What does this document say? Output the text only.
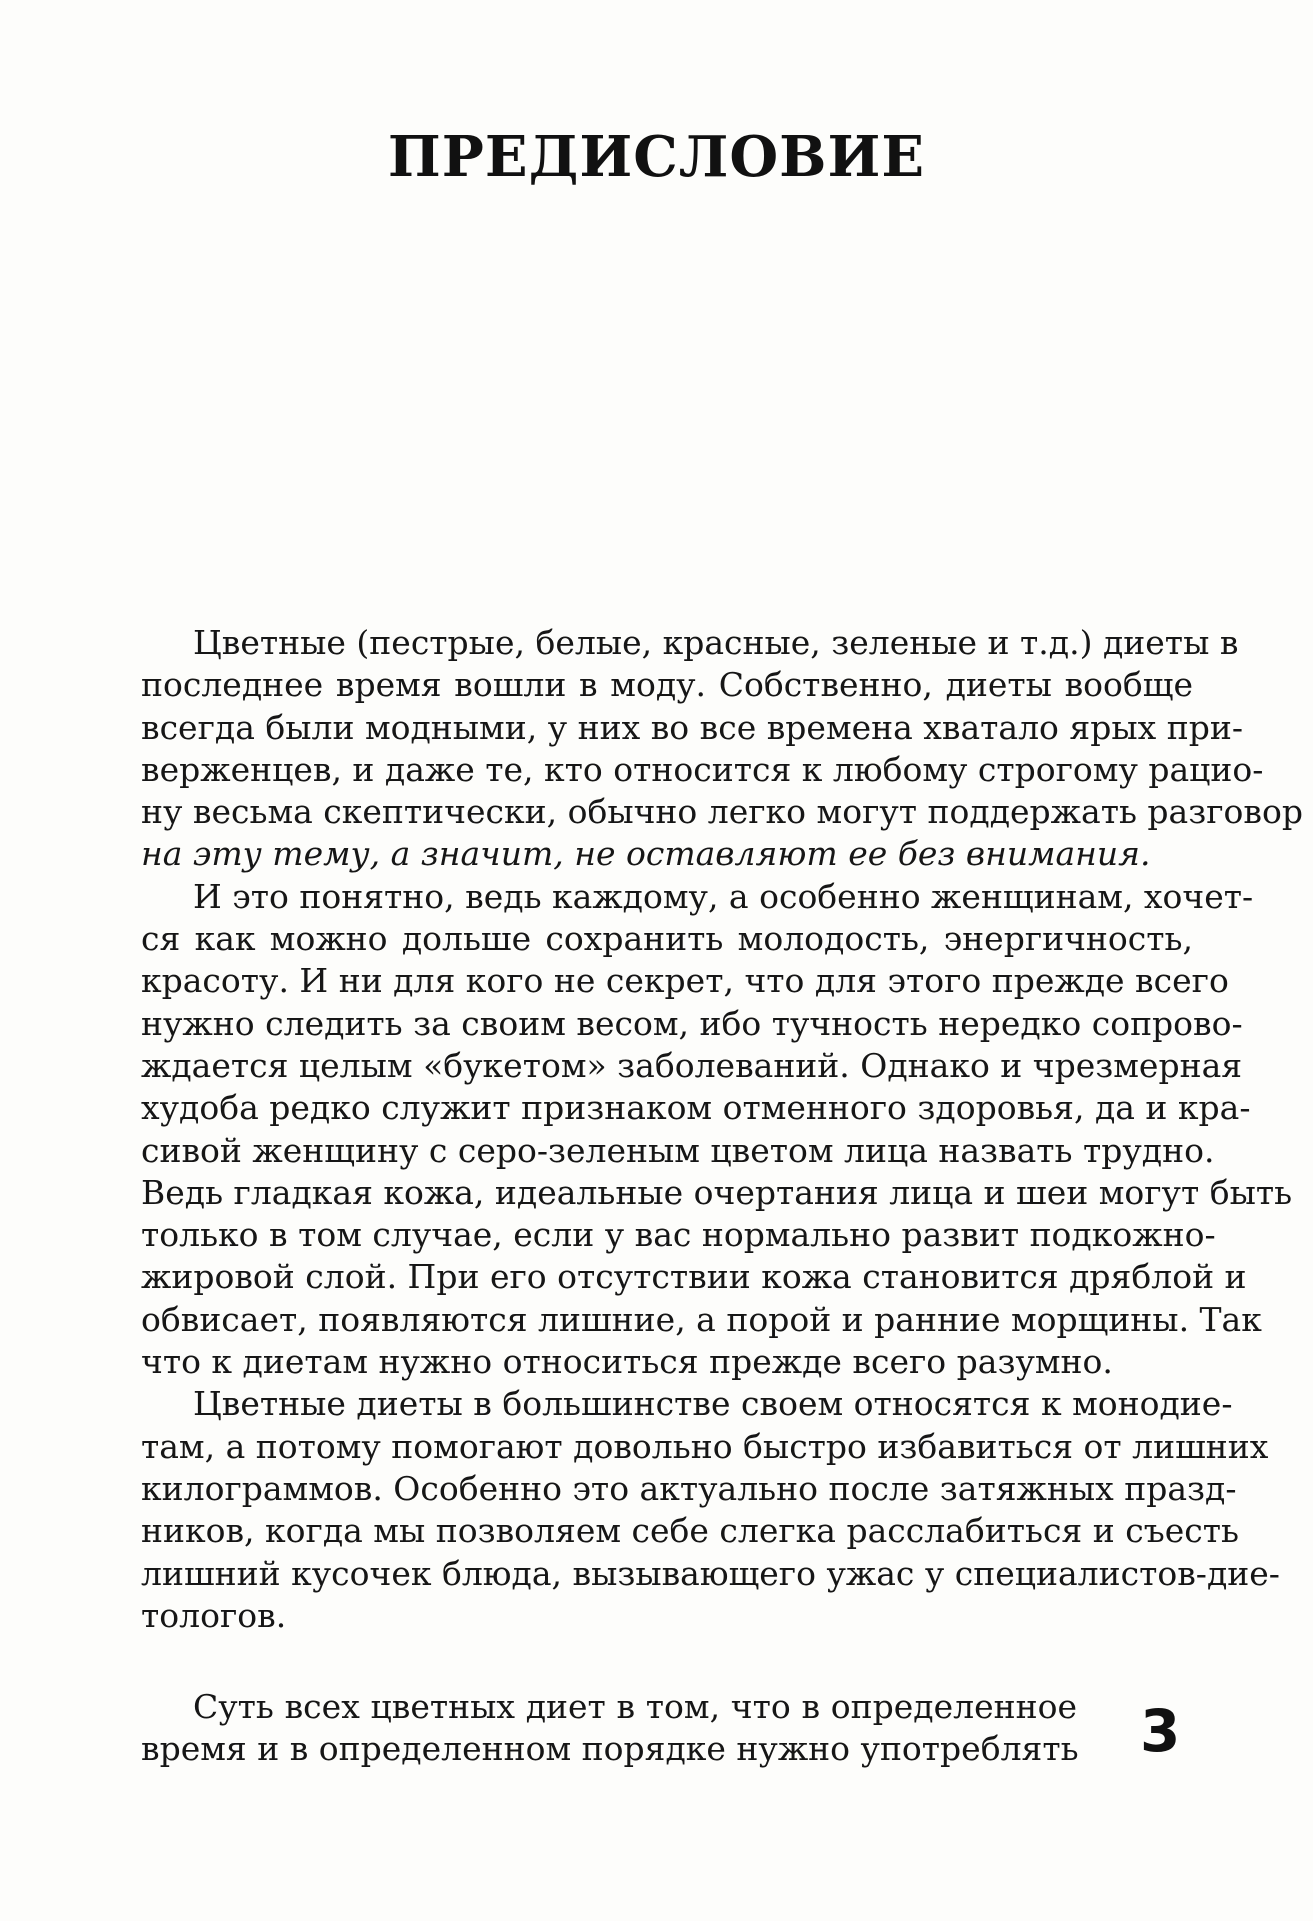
ПРЕДИСЛОВИЕ
Цветные (пестрые, белые, красные, зеленые и т.д.) диеты в
последнее время вошли в моду. Собственно, диеты вообще
всегда были модными, у них во все времена хватало ярых при-
верженцев, и даже те, кто относится к любому строгому рацио-
ну весьма скептически, обычно легко могут поддержать разговор
на эту тему, а значит, не оставляют ее без внимания.
И это понятно, ведь каждому, а особенно женщинам, хочет-
ся как можно дольше сохранить молодость, энергичность,
красоту. И ни для кого не секрет, что для этого прежде всего
нужно следить за своим весом, ибо тучность нередко сопрово-
ждается целым «букетом» заболеваний. Однако и чрезмерная
худоба редко служит признаком отменного здоровья, да и кра-
сивой женщину с серо-зеленым цветом лица назвать трудно.
Ведь гладкая кожа, идеальные очертания лица и шеи могут быть
только в том случае, если у вас нормально развит подкожно-
жировой слой. При его отсутствии кожа становится дряблой и
обвисает, появляются лишние, а порой и ранние морщины. Так
что к диетам нужно относиться прежде всего разумно.
Цветные диеты в большинстве своем относятся к монодие-
там, а потому помогают довольно быстро избавиться от лишних
килограммов. Особенно это актуально после затяжных празд-
ников, когда мы позволяем себе слегка расслабиться и съесть
лишний кусочек блюда, вызывающего ужас у специалистов-дие-
тологов.
Суть всех цветных диет в том, что в определенное
время и в определенном порядке нужно употреблять 3
